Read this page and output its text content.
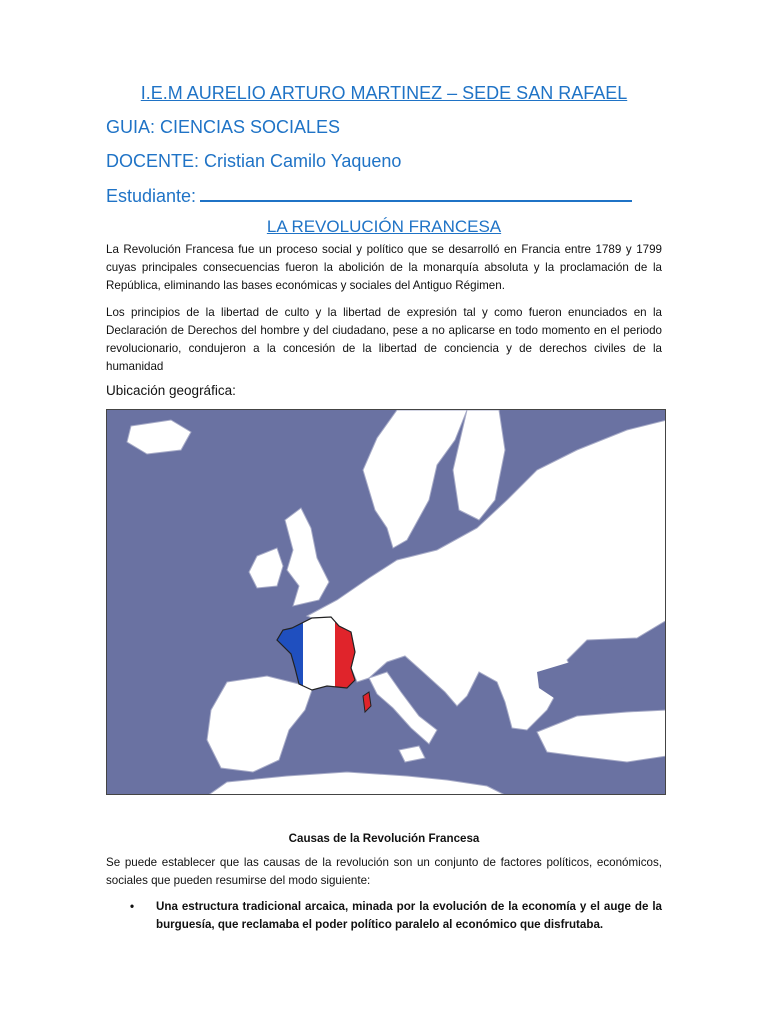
I.E.M AURELIO ARTURO MARTINEZ – SEDE SAN RAFAEL
GUIA: CIENCIAS SOCIALES
DOCENTE: Cristian Camilo Yaqueno
Estudiante:
LA REVOLUCIÓN FRANCESA
La Revolución Francesa fue un proceso social y político que se desarrolló en Francia entre 1789 y 1799 cuyas principales consecuencias fueron la abolición de la monarquía absoluta y la proclamación de la República, eliminando las bases económicas y sociales del Antiguo Régimen.
Los principios de la libertad de culto y la libertad de expresión tal y como fueron enunciados en la Declaración de Derechos del hombre y del ciudadano, pese a no aplicarse en todo momento en el periodo revolucionario, condujeron a la concesión de la libertad de conciencia y de derechos civiles de la humanidad
Ubicación geográfica:
Causas de la Revolución Francesa
Se puede establecer que las causas de la revolución son un conjunto de factores políticos, económicos, sociales que pueden resumirse del modo siguiente:
• Una estructura tradicional arcaica, minada por la evolución de la economía y el auge de la burguesía, que reclamaba el poder político paralelo al económico que disfrutaba.
